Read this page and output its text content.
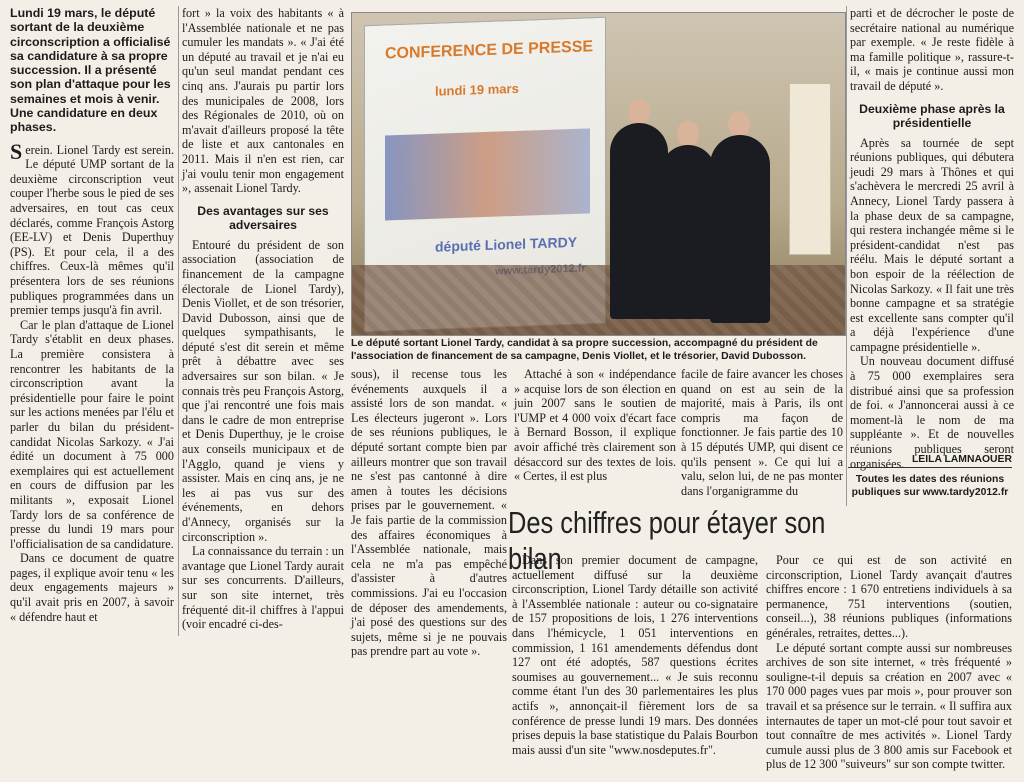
Lundi 19 mars, le député sortant de la deuxième circonscription a officialisé sa candidature à sa propre succession. Il a présenté son plan d'attaque pour les semaines et mois à venir. Une candidature en deux phases.

Serein. Lionel Tardy est serein. Le député UMP sortant de la deuxième circonscription veut couper l'herbe sous le pied de ses adversaires, en tout cas ceux déclarés, comme François Astorg (EE-LV) et Denis Duperthuy (PS). Et pour cela, il a des chiffres. Ceux-là mêmes qu'il présentera lors de ses réunions publiques programmées dans un premier temps jusqu'à fin avril.

Car le plan d'attaque de Lionel Tardy s'établit en deux phases. La première consistera à rencontrer les habitants de la circonscription avant la présidentielle pour faire le point sur les actions menées par l'élu et parler du bilan du président-candidat Nicolas Sarkozy. « J'ai édité un document à 75 000 exemplaires qui est actuellement en cours de diffusion par les militants », exposait Lionel Tardy lors de sa conférence de presse du lundi 19 mars pour l'officialisation de sa candidature.

Dans ce document de quatre pages, il explique avoir tenu « les deux engagements majeurs » qu'il avait pris en 2007, à savoir « défendre haut et

fort » la voix des habitants « à l'Assemblée nationale et ne pas cumuler les mandats ». « J'ai été un député au travail et je n'ai eu qu'un seul mandat pendant ces cinq ans. J'aurais pu partir lors des municipales de 2008, lors des Régionales de 2010, où on m'avait d'ailleurs proposé la tête de liste et aux cantonales en 2011. Mais il n'en est rien, car j'ai voulu tenir mon engagement », assenait Lionel Tardy.

Des avantages sur ses adversaires

Entouré du président de son association (association de financement de la campagne électorale de Lionel Tardy), Denis Viollet, et de son trésorier, David Dubosson, ainsi que de quelques sympathisants, le député s'est dit serein et même prêt à débattre avec ses adversaires sur son bilan. « Je connais très peu François Astorg, que j'ai rencontré une fois mais dans le cadre de mon entreprise et Denis Duperthuy, je le croise aux conseils municipaux et de l'Agglo, quand je viens y assister. Mais en cinq ans, je ne les ai pas vus sur des événements, en dehors d'Annecy, organisés sur la circonscription ».

La connaissance du terrain : un avantage que Lionel Tardy aurait sur ses concurrents. D'ailleurs, sur son site internet, très fréquenté dit-il chiffres à l'appui (voir encadré ci-des-

CONFERENCE DE PRESSE
lundi 19 mars
député Lionel TARDY
Le député sortant Lionel Tardy, candidat à sa propre succession, accompagné du président de l'association de financement de sa campagne, Denis Viollet, et le trésorier, David Dubosson.

sous), il recense tous les événements auxquels il a assisté lors de son mandat. « Les électeurs jugeront ». Lors de ses réunions publiques, le député sortant compte bien par ailleurs montrer que son travail ne s'est pas cantonné à dire amen à toutes les décisions prises par le gouvernement. « Je fais partie de la commission des affaires économiques à l'Assemblée nationale, mais cela ne m'a pas empêché d'assister à d'autres commissions. J'ai eu l'occasion de déposer des amendements, j'ai posé des questions sur des sujets, même si je ne pouvais pas prendre part au vote ».

Attaché à son « indépendance » acquise lors de son élection en juin 2007 sans le soutien de l'UMP et 4 000 voix d'écart face à Bernard Bosson, il explique avoir affiché très clairement son désaccord sur des textes de lois. « Certes, il est plus

facile de faire avancer les choses quand on est au sein de la majorité, mais à Paris, ils ont compris ma façon de fonctionner. Je fais partie des 10 à 15 députés UMP, qui disent ce qu'ils pensent ». Ce qui lui a valu, selon lui, de ne pas monter dans l'organigramme du

parti et de décrocher le poste de secrétaire national au numérique par exemple. « Je reste fidèle à ma famille politique », rassure-t-il, « mais je continue aussi mon travail de député ».

Deuxième phase après la présidentielle

Après sa tournée de sept réunions publiques, qui débutera jeudi 29 mars à Thônes et qui s'achèvera le mercredi 25 avril à Annecy, Lionel Tardy passera à la phase deux de sa campagne, qui restera inchangée même si le président-candidat n'est pas réélu. Mais le député sortant a bon espoir de la réélection de Nicolas Sarkozy. « Il fait une très bonne campagne et sa stratégie est excellente sans compter qu'il a déjà l'expérience d'une campagne présidentielle ».

Un nouveau document diffusé à 75 000 exemplaires sera distribué ainsi que sa profession de foi. « J'annoncerai aussi à ce moment-là le nom de ma suppléante ». Et de nouvelles réunions publiques seront organisées. LEILA LAMNAOUER
Toutes les dates des réunions publiques sur www.tardy2012.fr
Des chiffres pour étayer son bilan

Dans son premier document de campagne, actuellement diffusé sur la deuxième circonscription, Lionel Tardy détaille son activité à l'Assemblée nationale : auteur ou co-signataire de 157 propositions de lois, 1 276 interventions dans l'hémicycle, 1 051 interventions en commission, 1 161 amendements défendus dont 127 ont été adoptés, 587 questions écrites soumises au gouvernement... « Je suis reconnu comme étant l'un des 30 parlementaires les plus actifs », annonçait-il fièrement lors de sa conférence de presse lundi 19 mars. Des données prises depuis la base statistique du Palais Bourbon mais aussi d'un site "www.nosdeputes.fr".

Pour ce qui est de son activité en circonscription, Lionel Tardy avançait d'autres chiffres encore : 1 670 entretiens individuels à sa permanence, 751 interventions (soutien, conseil...), 38 réunions publiques (informations générales, retraites, dettes...).

Le député sortant compte aussi sur nombreuses archives de son site internet, « très fréquenté » souligne-t-il depuis sa création en 2007 avec « 170 000 pages vues par mois », pour prouver son travail et sa présence sur le terrain. « Il suffira aux internautes de taper un mot-clé pour tout savoir et tout connaître de mes activités ». Lionel Tardy cumule aussi plus de 3 800 amis sur Facebook et plus de 12 300 "suiveurs" sur son compte twitter.
